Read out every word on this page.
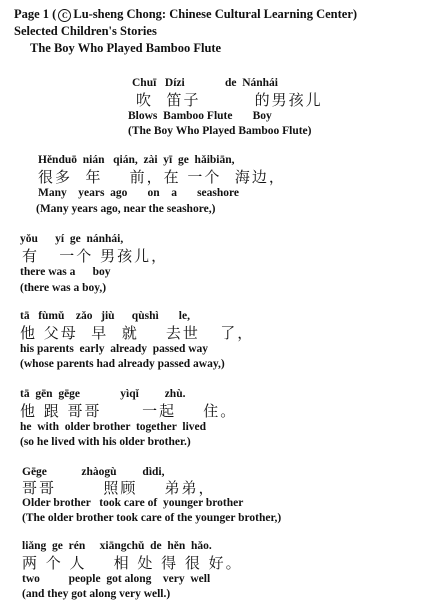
Page 1 ( C Lu-sheng Chong: Chinese Cultural Learning Center)
Selected Children's Stories
The Boy Who Played Bamboo Flute
Chuī   Dízi              de  Nánhái
吹  笛子        的男孩儿
Blows  Bamboo Flute       Boy
(The Boy Who Played Bamboo Flute)
Hěnduō  nián   qián,  zài  yī  ge  hǎibiān,
很多  年    前，在 一个  海边，
Many    years  ago       on    a       seashore
(Many years ago, near the seashore,)
yǒu      yí  ge  nánhái,
有   一个 男孩儿，
there was a      boy
(there was a boy,)
tā   fùmǔ    zǎo   jiù      qùshì       le,
他 父母  早  就    去世   了，
his parents  early  already  passed way
(whose parents had already passed away,)
tā  gēn  gēge              yìqǐ         zhù.
他 跟 哥哥      一起    住。
he  with  older brother  together  lived
(so he lived with his older brother.)
Gēge            zhàogù         dìdi,
哥哥       照顾    弟弟，
Older brother   took care of  younger brother
(The older brother took care of the younger brother,)
liǎng  ge  rén     xiāngchǔ  de  hěn  hǎo.
两 个 人    相 处 得 很 好。
two          people  got along    very  well
(and they got along very well.)
